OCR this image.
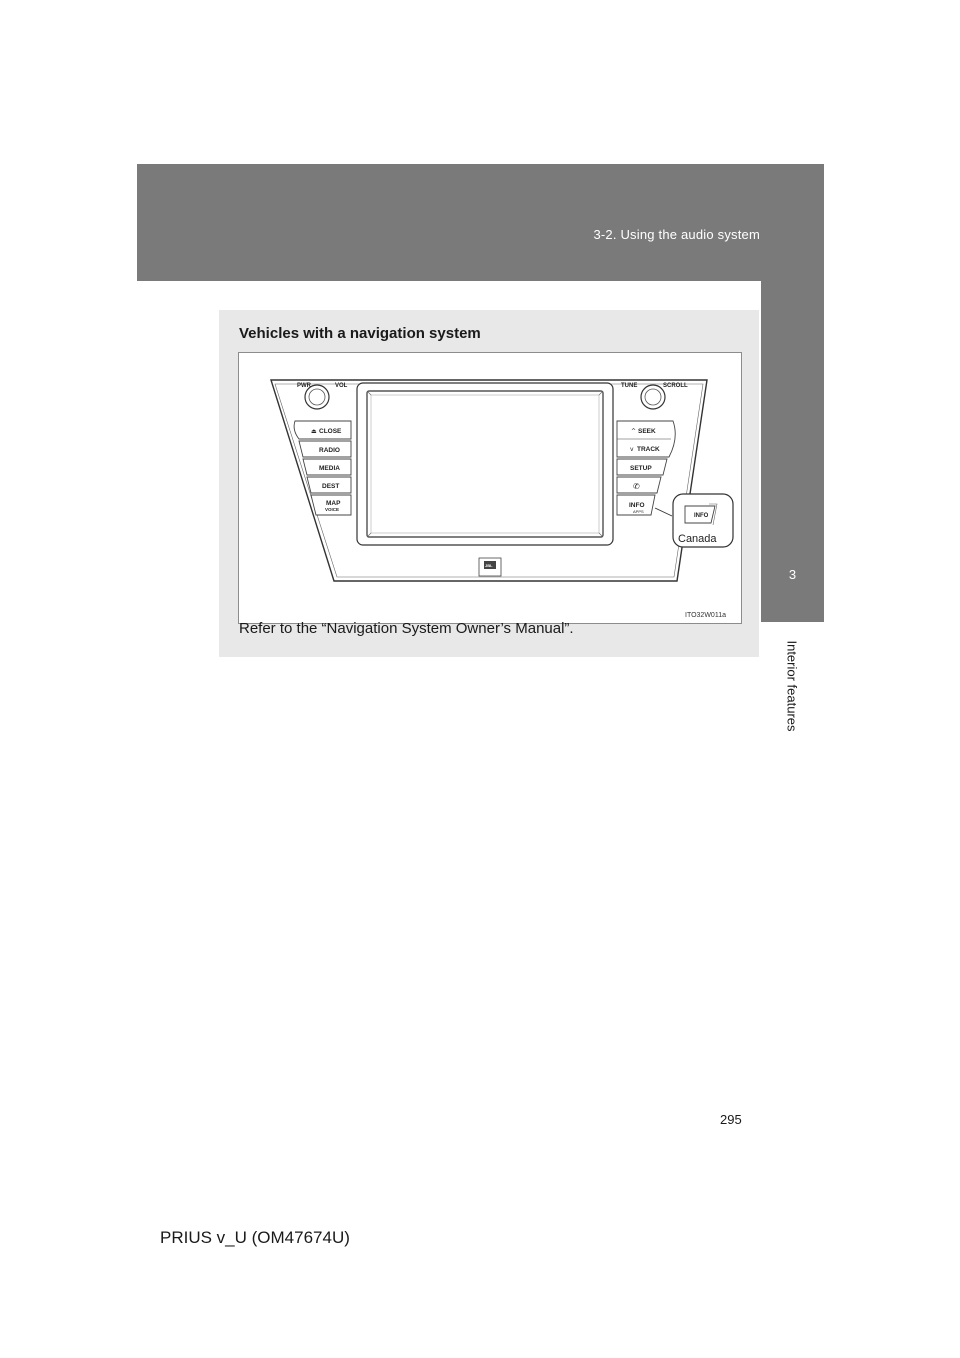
3-2. Using the audio system
3
Interior features
Vehicles with a navigation system
PWR	VOL	TUNE	SCROLL
⏏ CLOSE
RADIO
MEDIA
DEST
MAP
VOICE
^ SEEK
v TRACK
SETUP
✆
INFO
APPS
INFO
Canada
JBL
ITO32W011a
Refer to the “Navigation System Owner’s Manual”.
295
PRIUS v_U (OM47674U)
